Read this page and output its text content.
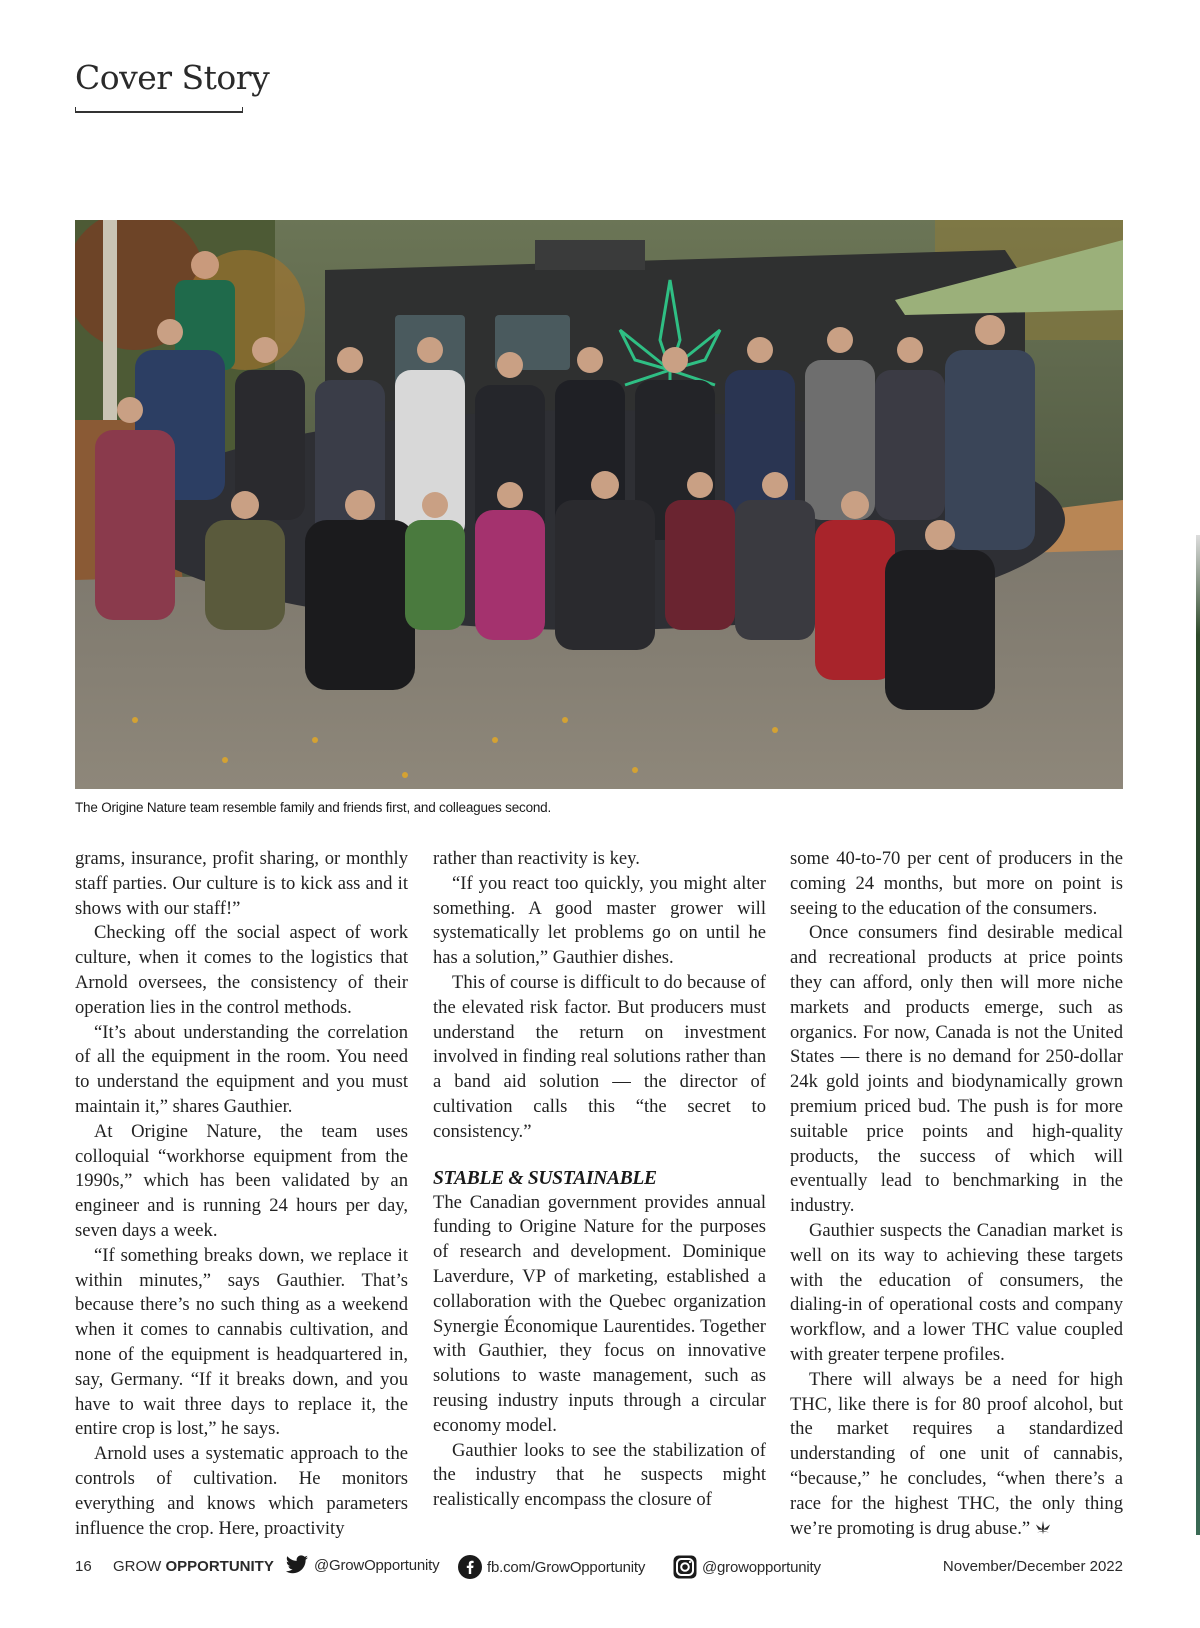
Cover Story
The Origine Nature team resemble family and friends first, and colleagues second.

grams, insurance, profit sharing, or monthly staff parties. Our culture is to kick ass and it shows with our staff!”

Checking off the social aspect of work culture, when it comes to the logistics that Arnold oversees, the consistency of their operation lies in the control methods.

“It’s about understanding the correlation of all the equipment in the room. You need to understand the equipment and you must maintain it,” shares Gauthier.

At Origine Nature, the team uses colloquial “workhorse equipment from the 1990s,” which has been validated by an engineer and is running 24 hours per day, seven days a week.

“If something breaks down, we replace it within minutes,” says Gauthier. That’s because there’s no such thing as a weekend when it comes to cannabis cultivation, and none of the equipment is headquartered in, say, Germany. “If it breaks down, and you have to wait three days to replace it, the entire crop is lost,” he says.

Arnold uses a systematic approach to the controls of cultivation. He monitors everything and knows which parameters influence the crop. Here, proactivity

rather than reactivity is key.

“If you react too quickly, you might alter something. A good master grower will systematically let problems go on until he has a solution,” Gauthier dishes.

This of course is difficult to do because of the elevated risk factor. But producers must understand the return on investment involved in finding real solutions rather than a band aid solution — the director of cultivation calls this “the secret to consistency.”

STABLE & SUSTAINABLE

The Canadian government provides annual funding to Origine Nature for the purposes of research and development. Dominique Laverdure, VP of marketing, established a collaboration with the Quebec organization Synergie Économique Laurentides. Together with Gauthier, they focus on innovative solutions to waste management, such as reusing industry inputs through a circular economy model.

Gauthier looks to see the stabilization of the industry that he suspects might realistically encompass the closure of

some 40-to-70 per cent of producers in the coming 24 months, but more on point is seeing to the education of the consumers.

Once consumers find desirable medical and recreational products at price points they can afford, only then will more niche markets and products emerge, such as organics. For now, Canada is not the United States — there is no demand for 250-dollar 24k gold joints and biodynamically grown premium priced bud. The push is for more suitable price points and high-quality products, the success of which will eventually lead to benchmarking in the industry.

Gauthier suspects the Canadian market is well on its way to achieving these targets with the education of consumers, the dialing-in of operational costs and company workflow, and a lower THC value coupled with greater terpene profiles.

There will always be a need for high THC, like there is for 80 proof alcohol, but the market requires a standardized understanding of one unit of cannabis, “because,” he concludes, “when there’s a race for the highest THC, the only thing we’re promoting is drug abuse.”

16 GROW OPPORTUNITY	@GrowOpportunity	fb.com/GrowOpportunity	@growopportunity	November/December 2022
